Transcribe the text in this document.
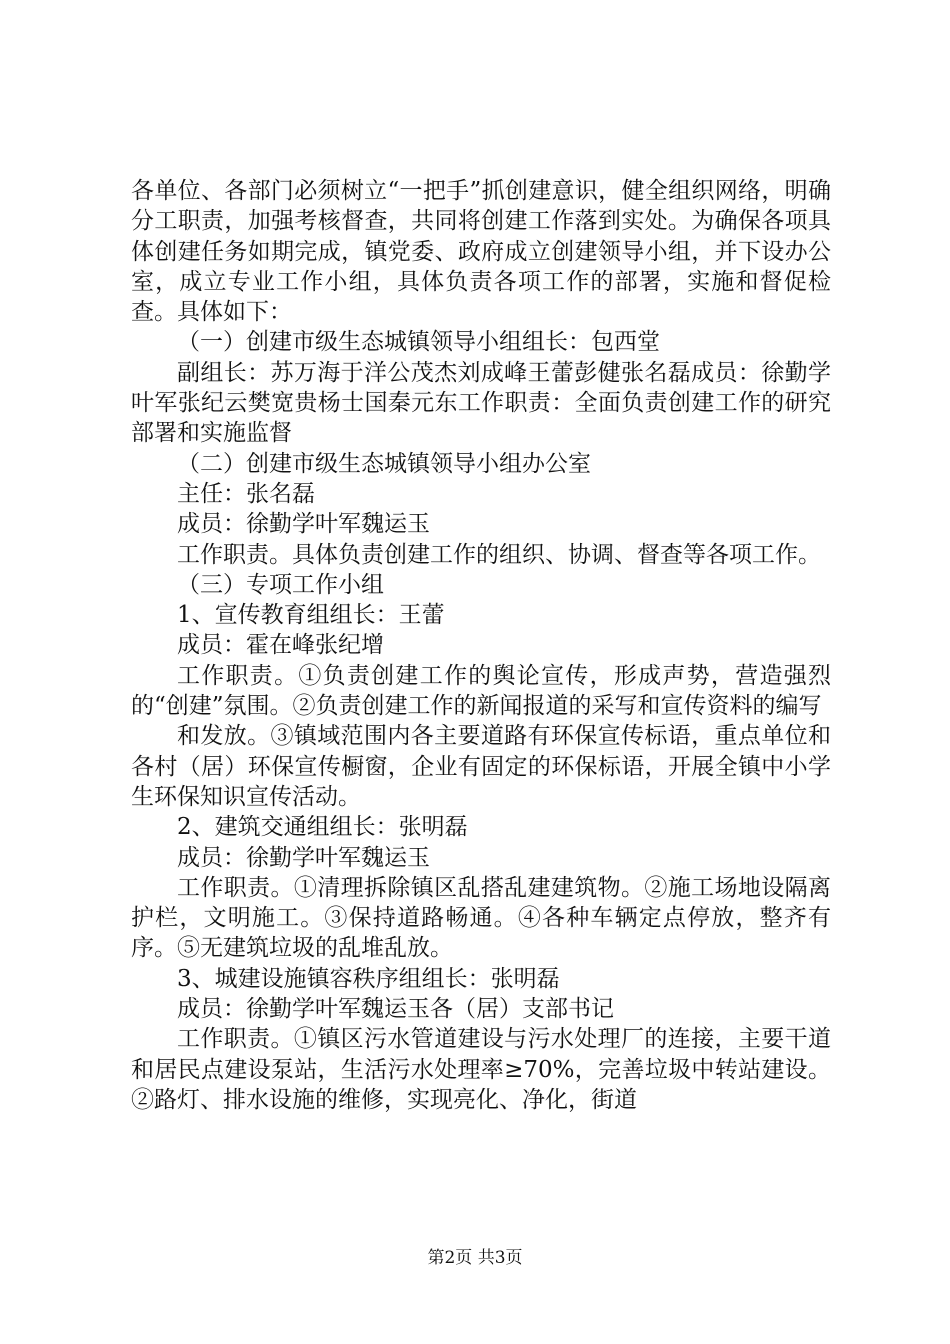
各单位、各部门必须树立“一把手”抓创建意识，健全组织网络，明确分工职责，加强考核督查，共同将创建工作落到实处。为确保各项具体创建任务如期完成，镇党委、政府成立创建领导小组，并下设办公室，成立专业工作小组，具体负责各项工作的部署，实施和督促检查。具体如下：

（一）创建市级生态城镇领导小组组长：包西堂

副组长：苏万海于洋公茂杰刘成峰王蕾彭健张名磊成员：徐勤学叶军张纪云樊宽贵杨士国秦元东工作职责：全面负责创建工作的研究部署和实施监督

（二）创建市级生态城镇领导小组办公室

主任：张名磊

成员：徐勤学叶军魏运玉

工作职责。具体负责创建工作的组织、协调、督查等各项工作。

（三）专项工作小组

1、宣传教育组组长：王蕾

成员：霍在峰张纪增

工作职责。①负责创建工作的舆论宣传，形成声势，营造强烈的“创建”氛围。②负责创建工作的新闻报道的采写和宣传资料的编写

和发放。③镇域范围内各主要道路有环保宣传标语，重点单位和各村（居）环保宣传橱窗，企业有固定的环保标语，开展全镇中小学生环保知识宣传活动。

2、建筑交通组组长：张明磊

成员：徐勤学叶军魏运玉

工作职责。①清理拆除镇区乱搭乱建建筑物。②施工场地设隔离护栏，文明施工。③保持道路畅通。④各种车辆定点停放，整齐有序。⑤无建筑垃圾的乱堆乱放。

3、城建设施镇容秩序组组长：张明磊

成员：徐勤学叶军魏运玉各（居）支部书记

工作职责。①镇区污水管道建设与污水处理厂的连接，主要干道和居民点建设泵站，生活污水处理率≥70%，完善垃圾中转站建设。②路灯、排水设施的维修，实现亮化、净化，街道

第2页 共3页
